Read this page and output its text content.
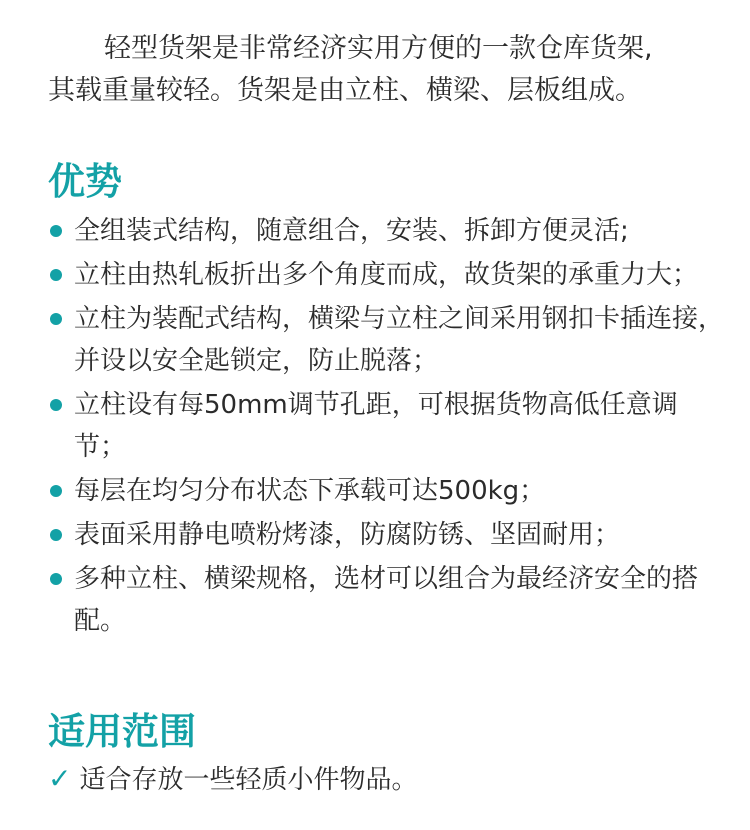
轻型货架是非常经济实用方便的一款仓库货架,
其载重量较轻。货架是由立柱、横梁、层板组成。
优势
全组装式结构，随意组合，安装、拆卸方便灵活;
立柱由热轧板折出多个角度而成，故货架的承重力大；
立柱为装配式结构，横梁与立柱之间采用钢扣卡插连接，并设以安全匙锁定，防止脱落；
立柱设有每50mm调节孔距，可根据货物高低任意调节；
每层在均匀分布状态下承载可达500kg；
表面采用静电喷粉烤漆，防腐防锈、坚固耐用；
多种立柱、横梁规格，选材可以组合为最经济安全的搭配。
适用范围
✓ 适合存放一些轻质小件物品。
